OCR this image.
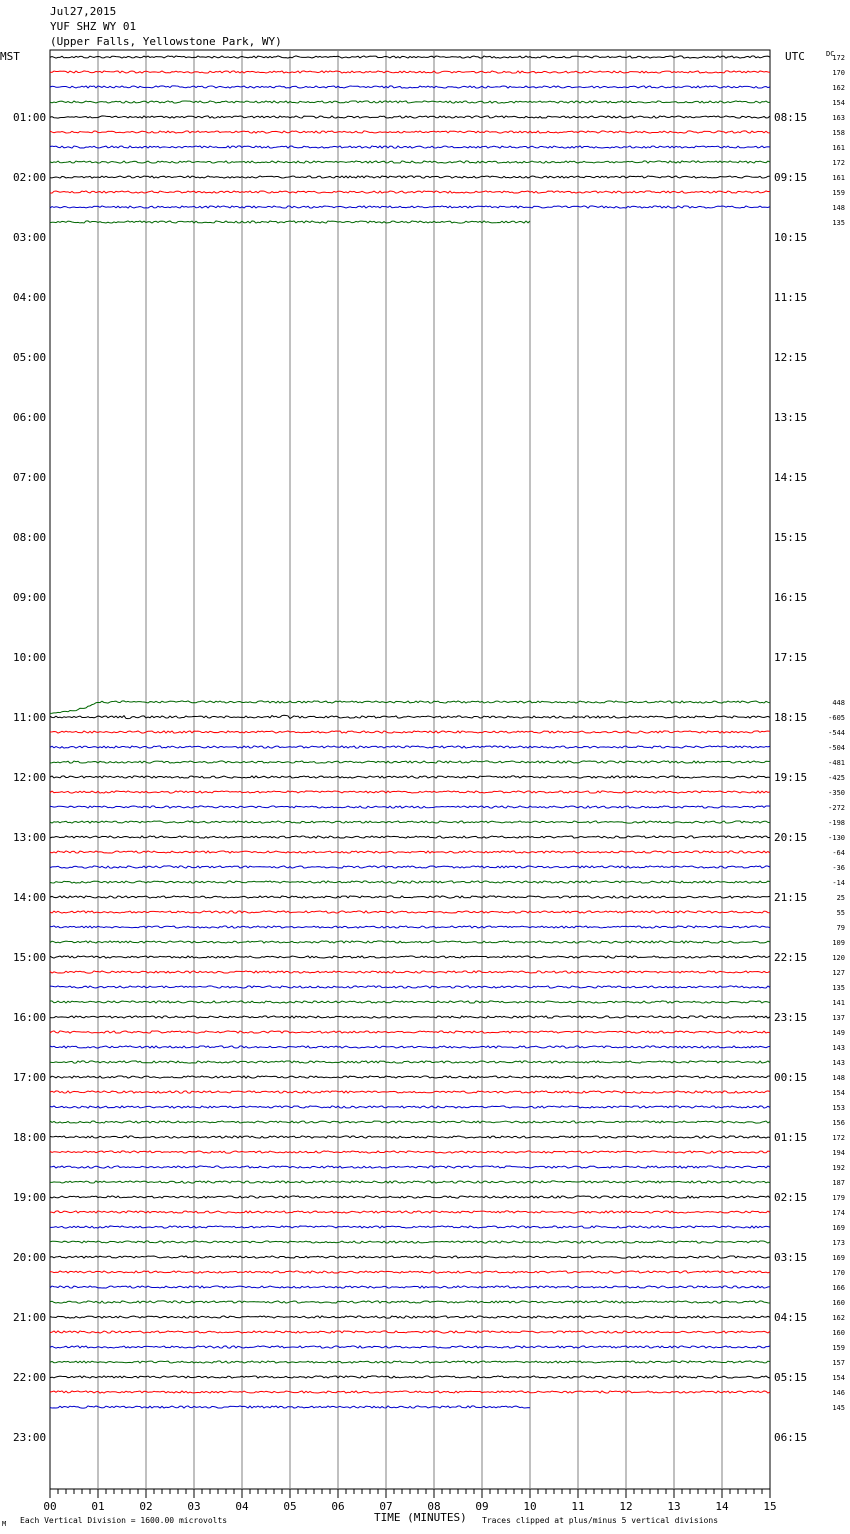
Jul27,2015
YUF SHZ WY 01
(Upper Falls, Yellowstone Park, WY)
MST	UTC	DC
172
170
162
154
163
158
161
172
161
159
148
135
448
-605
-544
-504
-481
-425
-350
-272
-198
-130
-64
-36
-14
25
55
79
109
120
127
135
141
137
149
143
143
148
154
153
156
172
194
192
187
179
174
169
173
169
170
166
160
162
160
159
157
154
146
145
01:00
02:00
03:00
04:00
05:00
06:00
07:00
08:00
09:00
10:00
11:00
12:00
13:00
14:00
15:00
16:00
17:00
18:00
19:00
20:00
21:00
22:00
23:00
08:15
09:15
10:15
11:15
12:15
13:15
14:15
15:15
16:15
17:15
18:15
19:15
20:15
21:15
22:15
23:15
00:15
01:15
02:15
03:15
04:15
05:15
06:15
00	01	02	03	04	05	06	07	08	09	10	11	12	13	14	15
M Each Vertical Division = 1600.00 microvolts	TIME (MINUTES) Traces clipped at plus/minus 5 vertical divisions
